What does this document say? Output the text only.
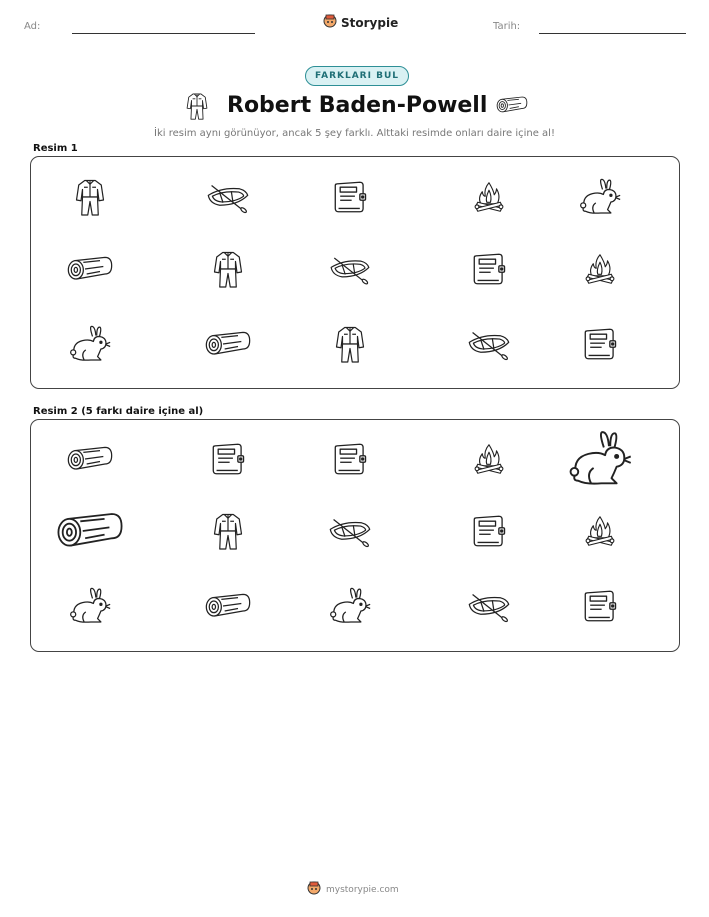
Ad:	Storypie	Tarih:
FARKLARI BUL
Robert Baden-Powell
İki resim aynı görünüyor, ancak 5 şey farklı. Alttaki resimde onları daire içine al!
Resim 1
Resim 2 (5 farkı daire içine al)
mystorypie.com
